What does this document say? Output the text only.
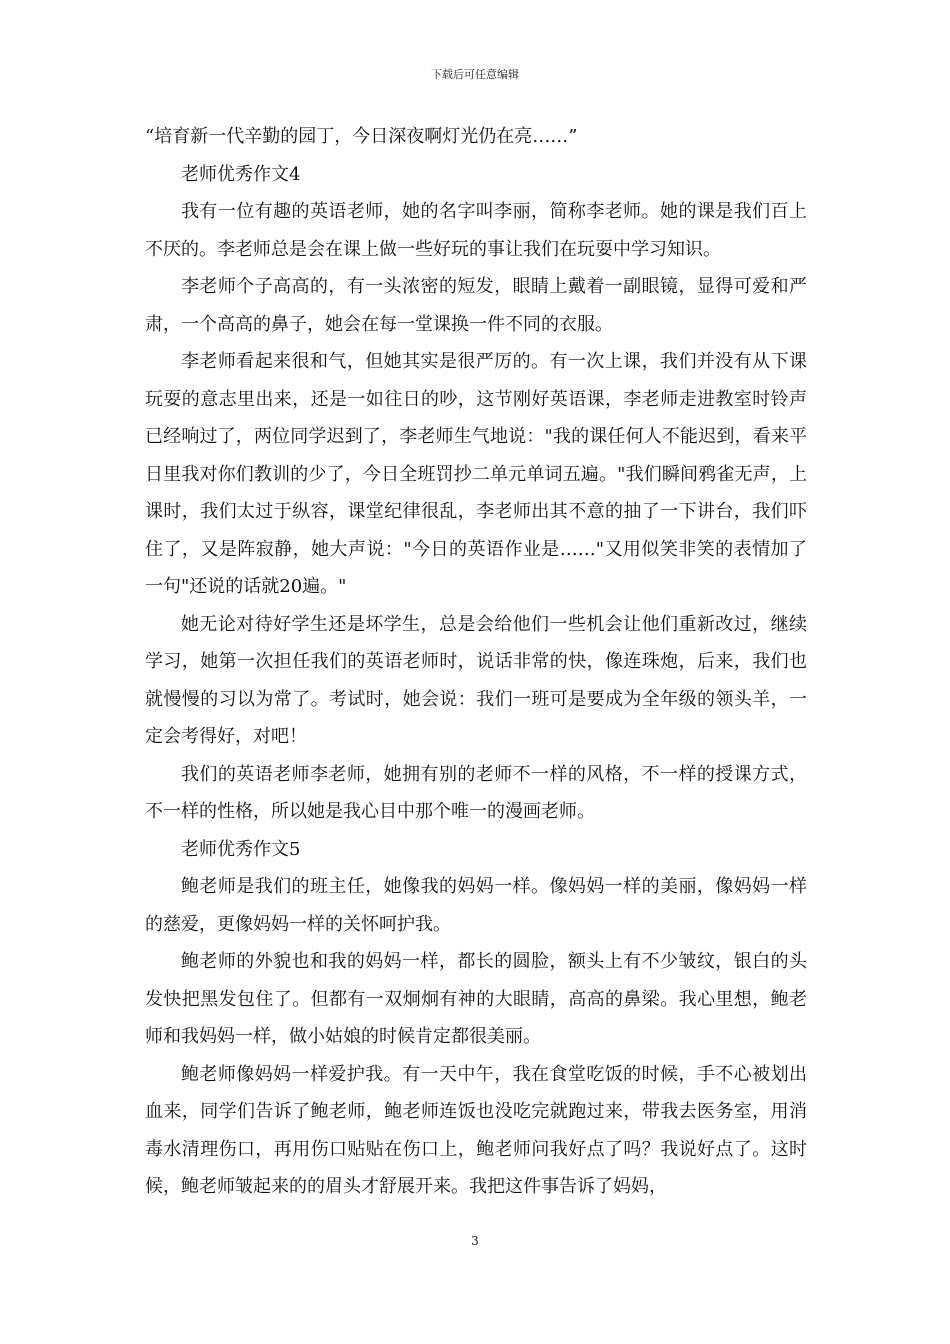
下载后可任意编辑

“培育新一代辛勤的园丁，今日深夜啊灯光仍在亮……”

老师优秀作文4

我有一位有趣的英语老师，她的名字叫李丽，简称李老师。她的课是我们百上不厌的。李老师总是会在课上做一些好玩的事让我们在玩耍中学习知识。

李老师个子高高的，有一头浓密的短发，眼睛上戴着一副眼镜，显得可爱和严肃，一个高高的鼻子，她会在每一堂课换一件不同的衣服。

李老师看起来很和气，但她其实是很严厉的。有一次上课，我们并没有从下课玩耍的意志里出来，还是一如往日的吵，这节刚好英语课，李老师走进教室时铃声已经响过了，两位同学迟到了，李老师生气地说："我的课任何人不能迟到，看来平日里我对你们教训的少了，今日全班罚抄二单元单词五遍。"我们瞬间鸦雀无声，上课时，我们太过于纵容，课堂纪律很乱，李老师出其不意的抽了一下讲台，我们吓住了，又是阵寂静，她大声说："今日的英语作业是……"又用似笑非笑的表情加了一句"还说的话就20遍。"

她无论对待好学生还是坏学生，总是会给他们一些机会让他们重新改过，继续学习，她第一次担任我们的英语老师时，说话非常的快，像连珠炮，后来，我们也就慢慢的习以为常了。考试时，她会说：我们一班可是要成为全年级的领头羊，一定会考得好，对吧！

我们的英语老师李老师，她拥有别的老师不一样的风格，不一样的授课方式，不一样的性格，所以她是我心目中那个唯一的漫画老师。

老师优秀作文5

鲍老师是我们的班主任，她像我的妈妈一样。像妈妈一样的美丽，像妈妈一样的慈爱，更像妈妈一样的关怀呵护我。

鲍老师的外貌也和我的妈妈一样，都长的圆脸，额头上有不少皱纹，银白的头发快把黑发包住了。但都有一双炯炯有神的大眼睛，高高的鼻梁。我心里想，鲍老师和我妈妈一样，做小姑娘的时候肯定都很美丽。

鲍老师像妈妈一样爱护我。有一天中午，我在食堂吃饭的时候，手不心被划出血来，同学们告诉了鲍老师，鲍老师连饭也没吃完就跑过来，带我去医务室，用消毒水清理伤口，再用伤口贴贴在伤口上，鲍老师问我好点了吗？我说好点了。这时候，鲍老师皱起来的的眉头才舒展开来。我把这件事告诉了妈妈，

3
